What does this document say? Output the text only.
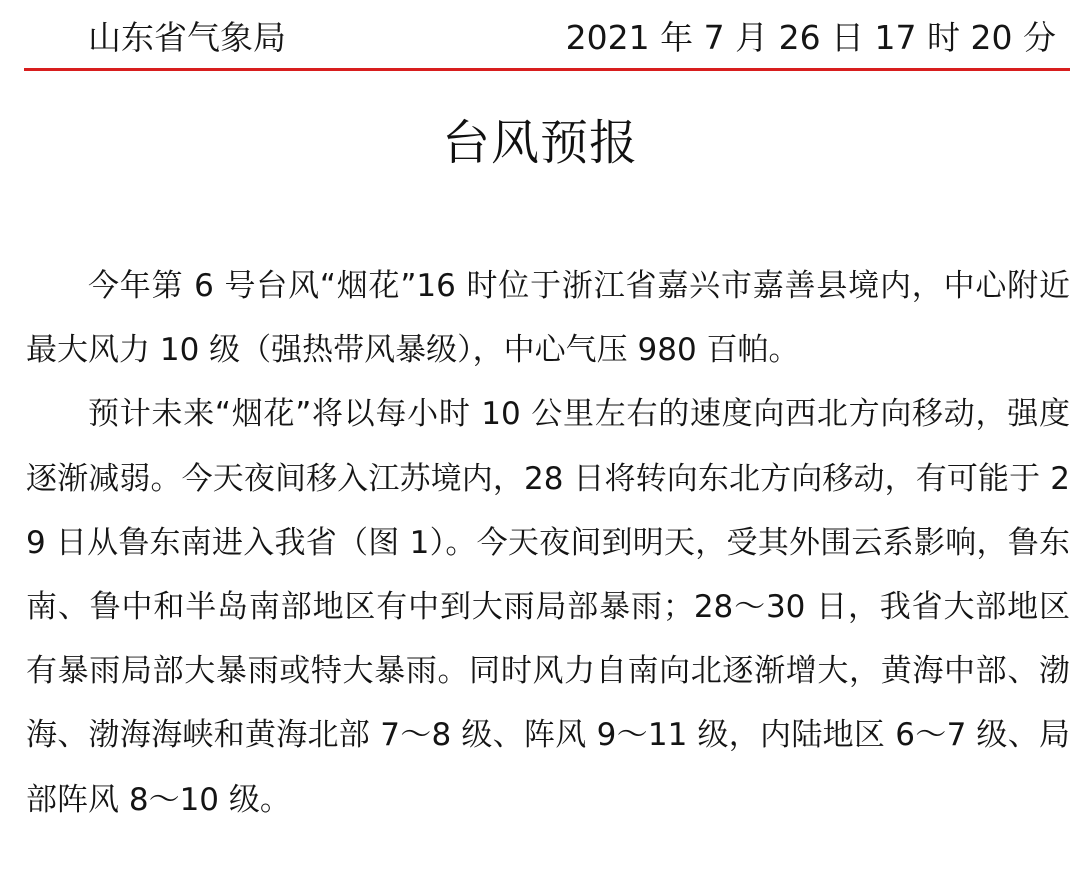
山东省气象局	2021 年 7 月 26 日 17 时 20 分
台风预报

今年第 6 号台风“烟花”16 时位于浙江省嘉兴市嘉善县境内，中心附近最大风力 10 级（强热带风暴级），中心气压 980 百帕。

预计未来“烟花”将以每小时 10 公里左右的速度向西北方向移动，强度逐渐减弱。今天夜间移入江苏境内，28 日将转向东北方向移动，有可能于 29 日从鲁东南进入我省（图 1）。今天夜间到明天，受其外围云系影响，鲁东南、鲁中和半岛南部地区有中到大雨局部暴雨；28～30 日，我省大部地区有暴雨局部大暴雨或特大暴雨。同时风力自南向北逐渐增大，黄海中部、渤海、渤海海峡和黄海北部 7～8 级、阵风 9～11 级，内陆地区 6～7 级、局部阵风 8～10 级。
